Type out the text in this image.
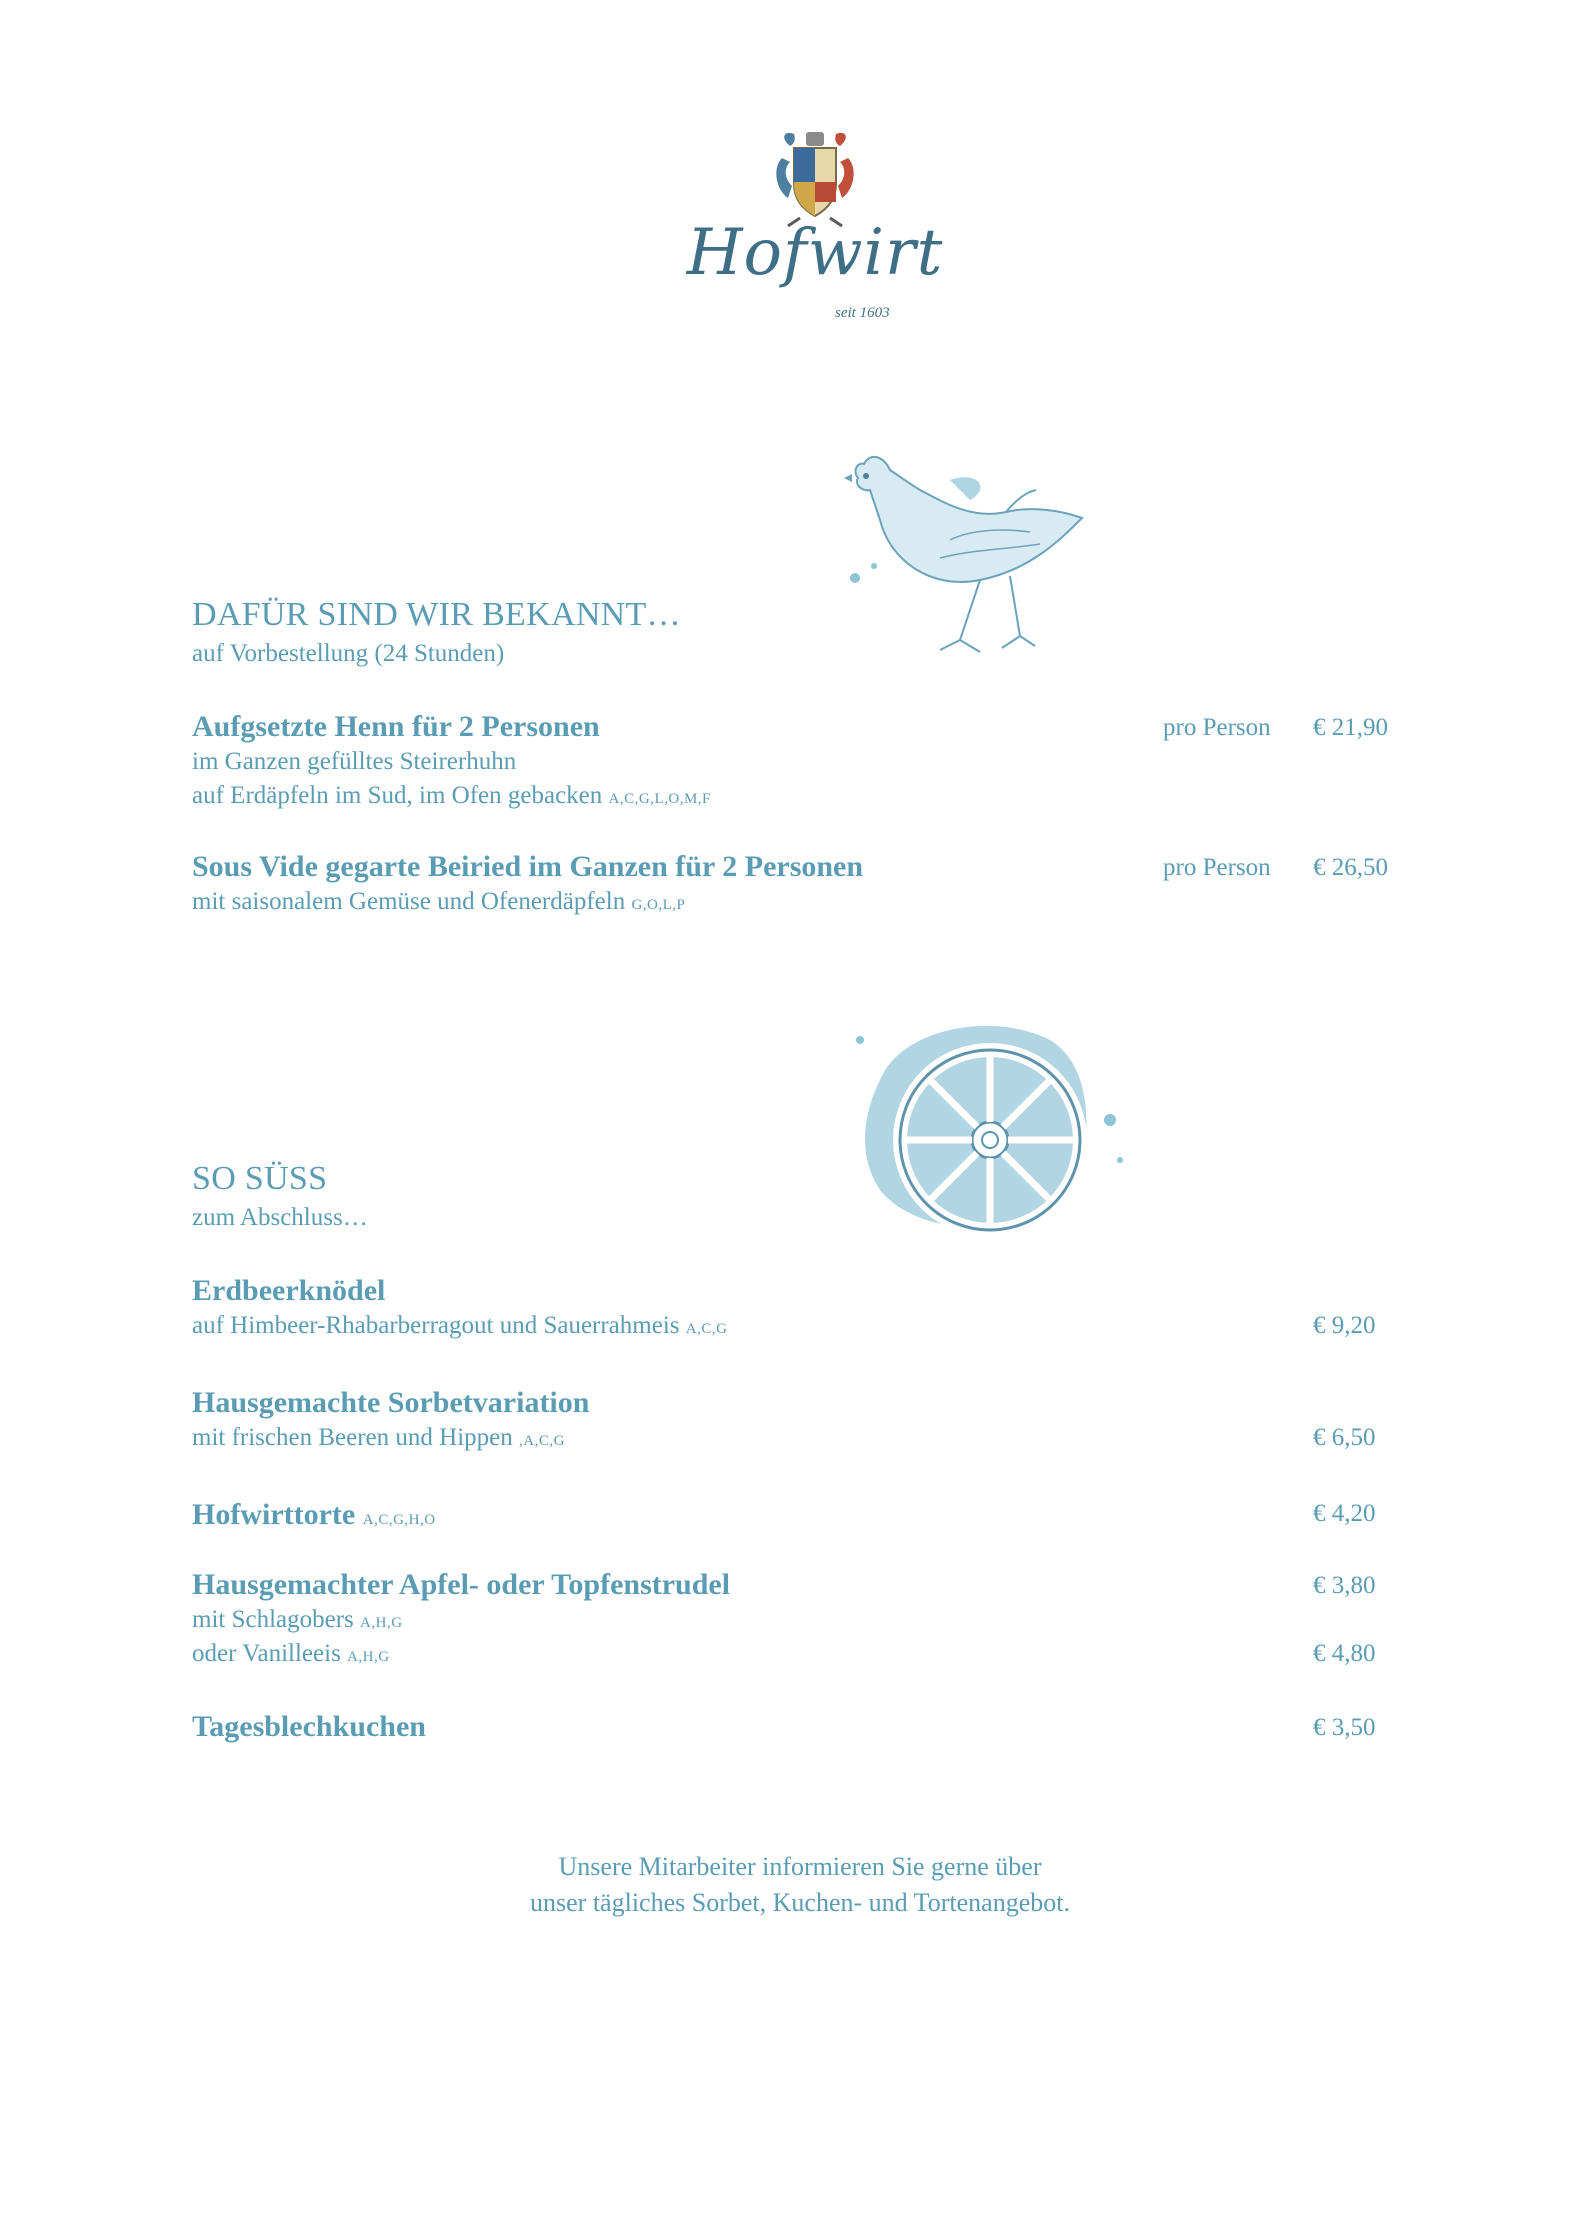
Hofwirt
seit 1603
DAFÜR SIND WIR BEKANNT…
auf Vorbestellung (24 Stunden)
Aufgsetzte Henn für 2 Personen	pro Person € 21,90
im Ganzen gefülltes Steirerhuhn
auf Erdäpfeln im Sud, im Ofen gebacken A,C,G,L,O,M,F
Sous Vide gegarte Beiried im Ganzen für 2 Personen	pro Person € 26,50
mit saisonalem Gemüse und Ofenerdäpfeln G,O,L,P
SO SÜSS
zum Abschluss…
Erdbeerknödel
auf Himbeer-Rhabarberragout und Sauerrahmeis A,C,G	€ 9,20
Hausgemachte Sorbetvariation
mit frischen Beeren und Hippen ,A,C,G	€ 6,50
Hofwirttorte A,C,G,H,O	€ 4,20
Hausgemachter Apfel- oder Topfenstrudel	€ 3,80
mit Schlagobers A,H,G
oder Vanilleeis A,H,G	€ 4,80
Tagesblechkuchen	€ 3,50
Unsere Mitarbeiter informieren Sie gerne über
unser tägliches Sorbet, Kuchen- und Tortenangebot.
